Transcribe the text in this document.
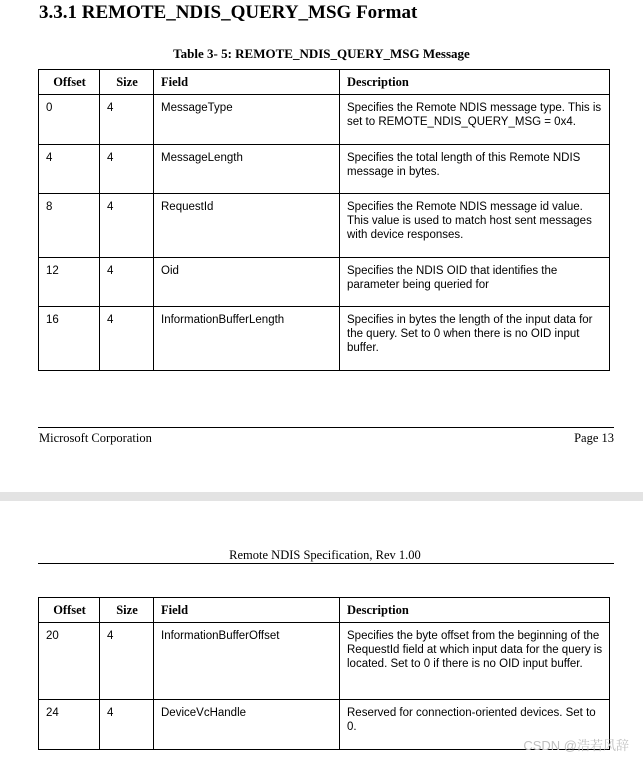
3.3.1 REMOTE_NDIS_QUERY_MSG Format
Table 3- 5: REMOTE_NDIS_QUERY_MSG Message
Offset	Size	Field	Description
0	4	MessageType	Specifies the Remote NDIS message type. This is set to REMOTE_NDIS_QUERY_MSG = 0x4.
4	4	MessageLength	Specifies the total length of this Remote NDIS message in bytes.
8	4	RequestId	Specifies the Remote NDIS message id value. This value is used to match host sent messages with device responses.
12	4	Oid	Specifies the NDIS OID that identifies the parameter being queried for
16	4	InformationBufferLength	Specifies in bytes the length of the input data for the query. Set to 0 when there is no OID input buffer.
Microsoft Corporation	Page 13
Remote NDIS Specification, Rev 1.00
Offset	Size	Field	Description
20	4	InformationBufferOffset	Specifies the byte offset from the beginning of the RequestId field at which input data for the query is located. Set to 0 if there is no OID input buffer.
24	4	DeviceVcHandle	Reserved for connection-oriented devices. Set to 0.
CSDN @浩若风辞
